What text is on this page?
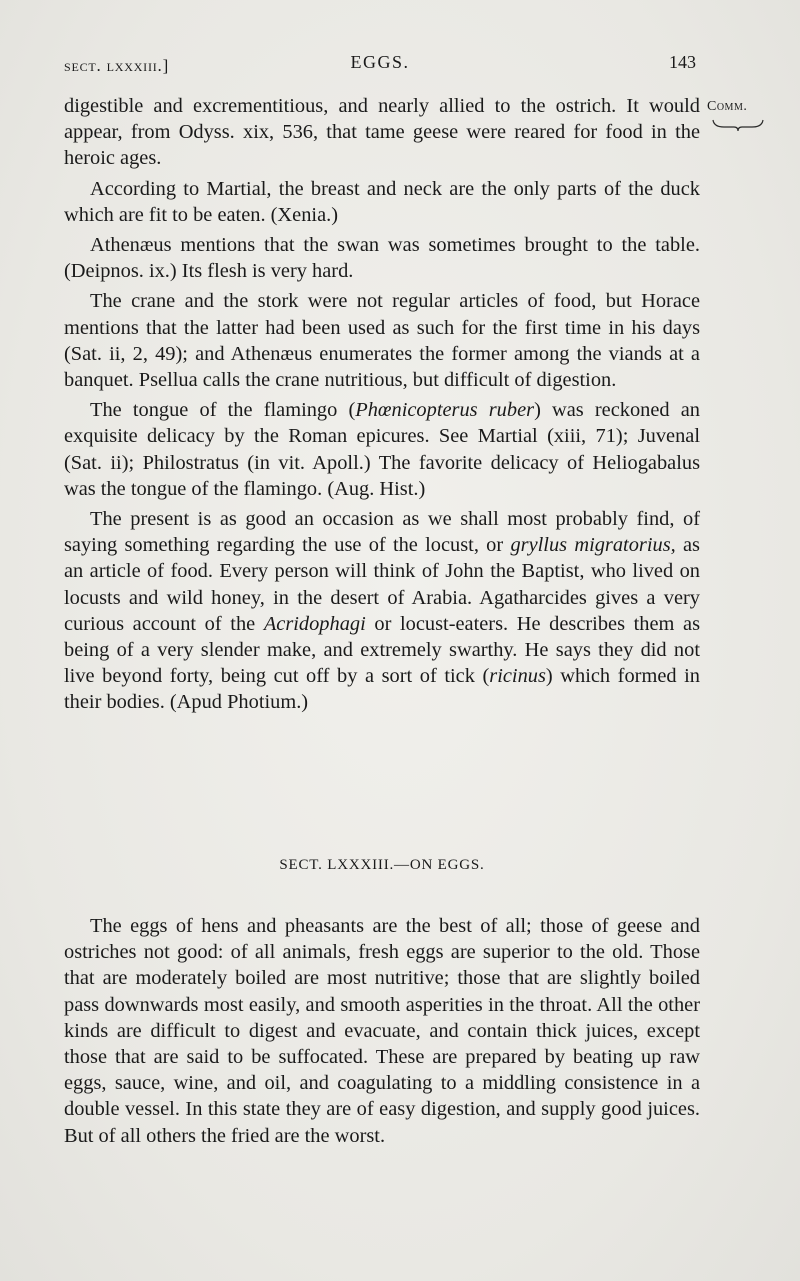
sect. lxxxiii.]	EGGS.	143
Comm.

digestible and excrementitious, and nearly allied to the ostrich. It would appear, from Odyss. xix, 536, that tame geese were reared for food in the heroic ages.

According to Martial, the breast and neck are the only parts of the duck which are fit to be eaten. (Xenia.)

Athenæus mentions that the swan was sometimes brought to the table. (Deipnos. ix.) Its flesh is very hard.

The crane and the stork were not regular articles of food, but Horace mentions that the latter had been used as such for the first time in his days (Sat. ii, 2, 49); and Athenæus enumerates the former among the viands at a banquet. Psellua calls the crane nutritious, but difficult of digestion.

The tongue of the flamingo (Phœnicopterus ruber) was reckoned an exquisite delicacy by the Roman epicures. See Martial (xiii, 71); Juvenal (Sat. ii); Philostratus (in vit. Apoll.) The favorite delicacy of Heliogabalus was the tongue of the flamingo. (Aug. Hist.)

The present is as good an occasion as we shall most probably find, of saying something regarding the use of the locust, or gryllus migratorius, as an article of food. Every person will think of John the Baptist, who lived on locusts and wild honey, in the desert of Arabia. Agatharcides gives a very curious account of the Acridophagi or locust-eaters. He describes them as being of a very slender make, and extremely swarthy. He says they did not live beyond forty, being cut off by a sort of tick (ricinus) which formed in their bodies. (Apud Photium.)

SECT. LXXXIII.—ON EGGS.

The eggs of hens and pheasants are the best of all; those of geese and ostriches not good: of all animals, fresh eggs are superior to the old. Those that are moderately boiled are most nutritive; those that are slightly boiled pass downwards most easily, and smooth asperities in the throat. All the other kinds are difficult to digest and evacuate, and contain thick juices, except those that are said to be suffocated. These are prepared by beating up raw eggs, sauce, wine, and oil, and coagulating to a middling consistence in a double vessel. In this state they are of easy digestion, and supply good juices. But of all others the fried are the worst.
